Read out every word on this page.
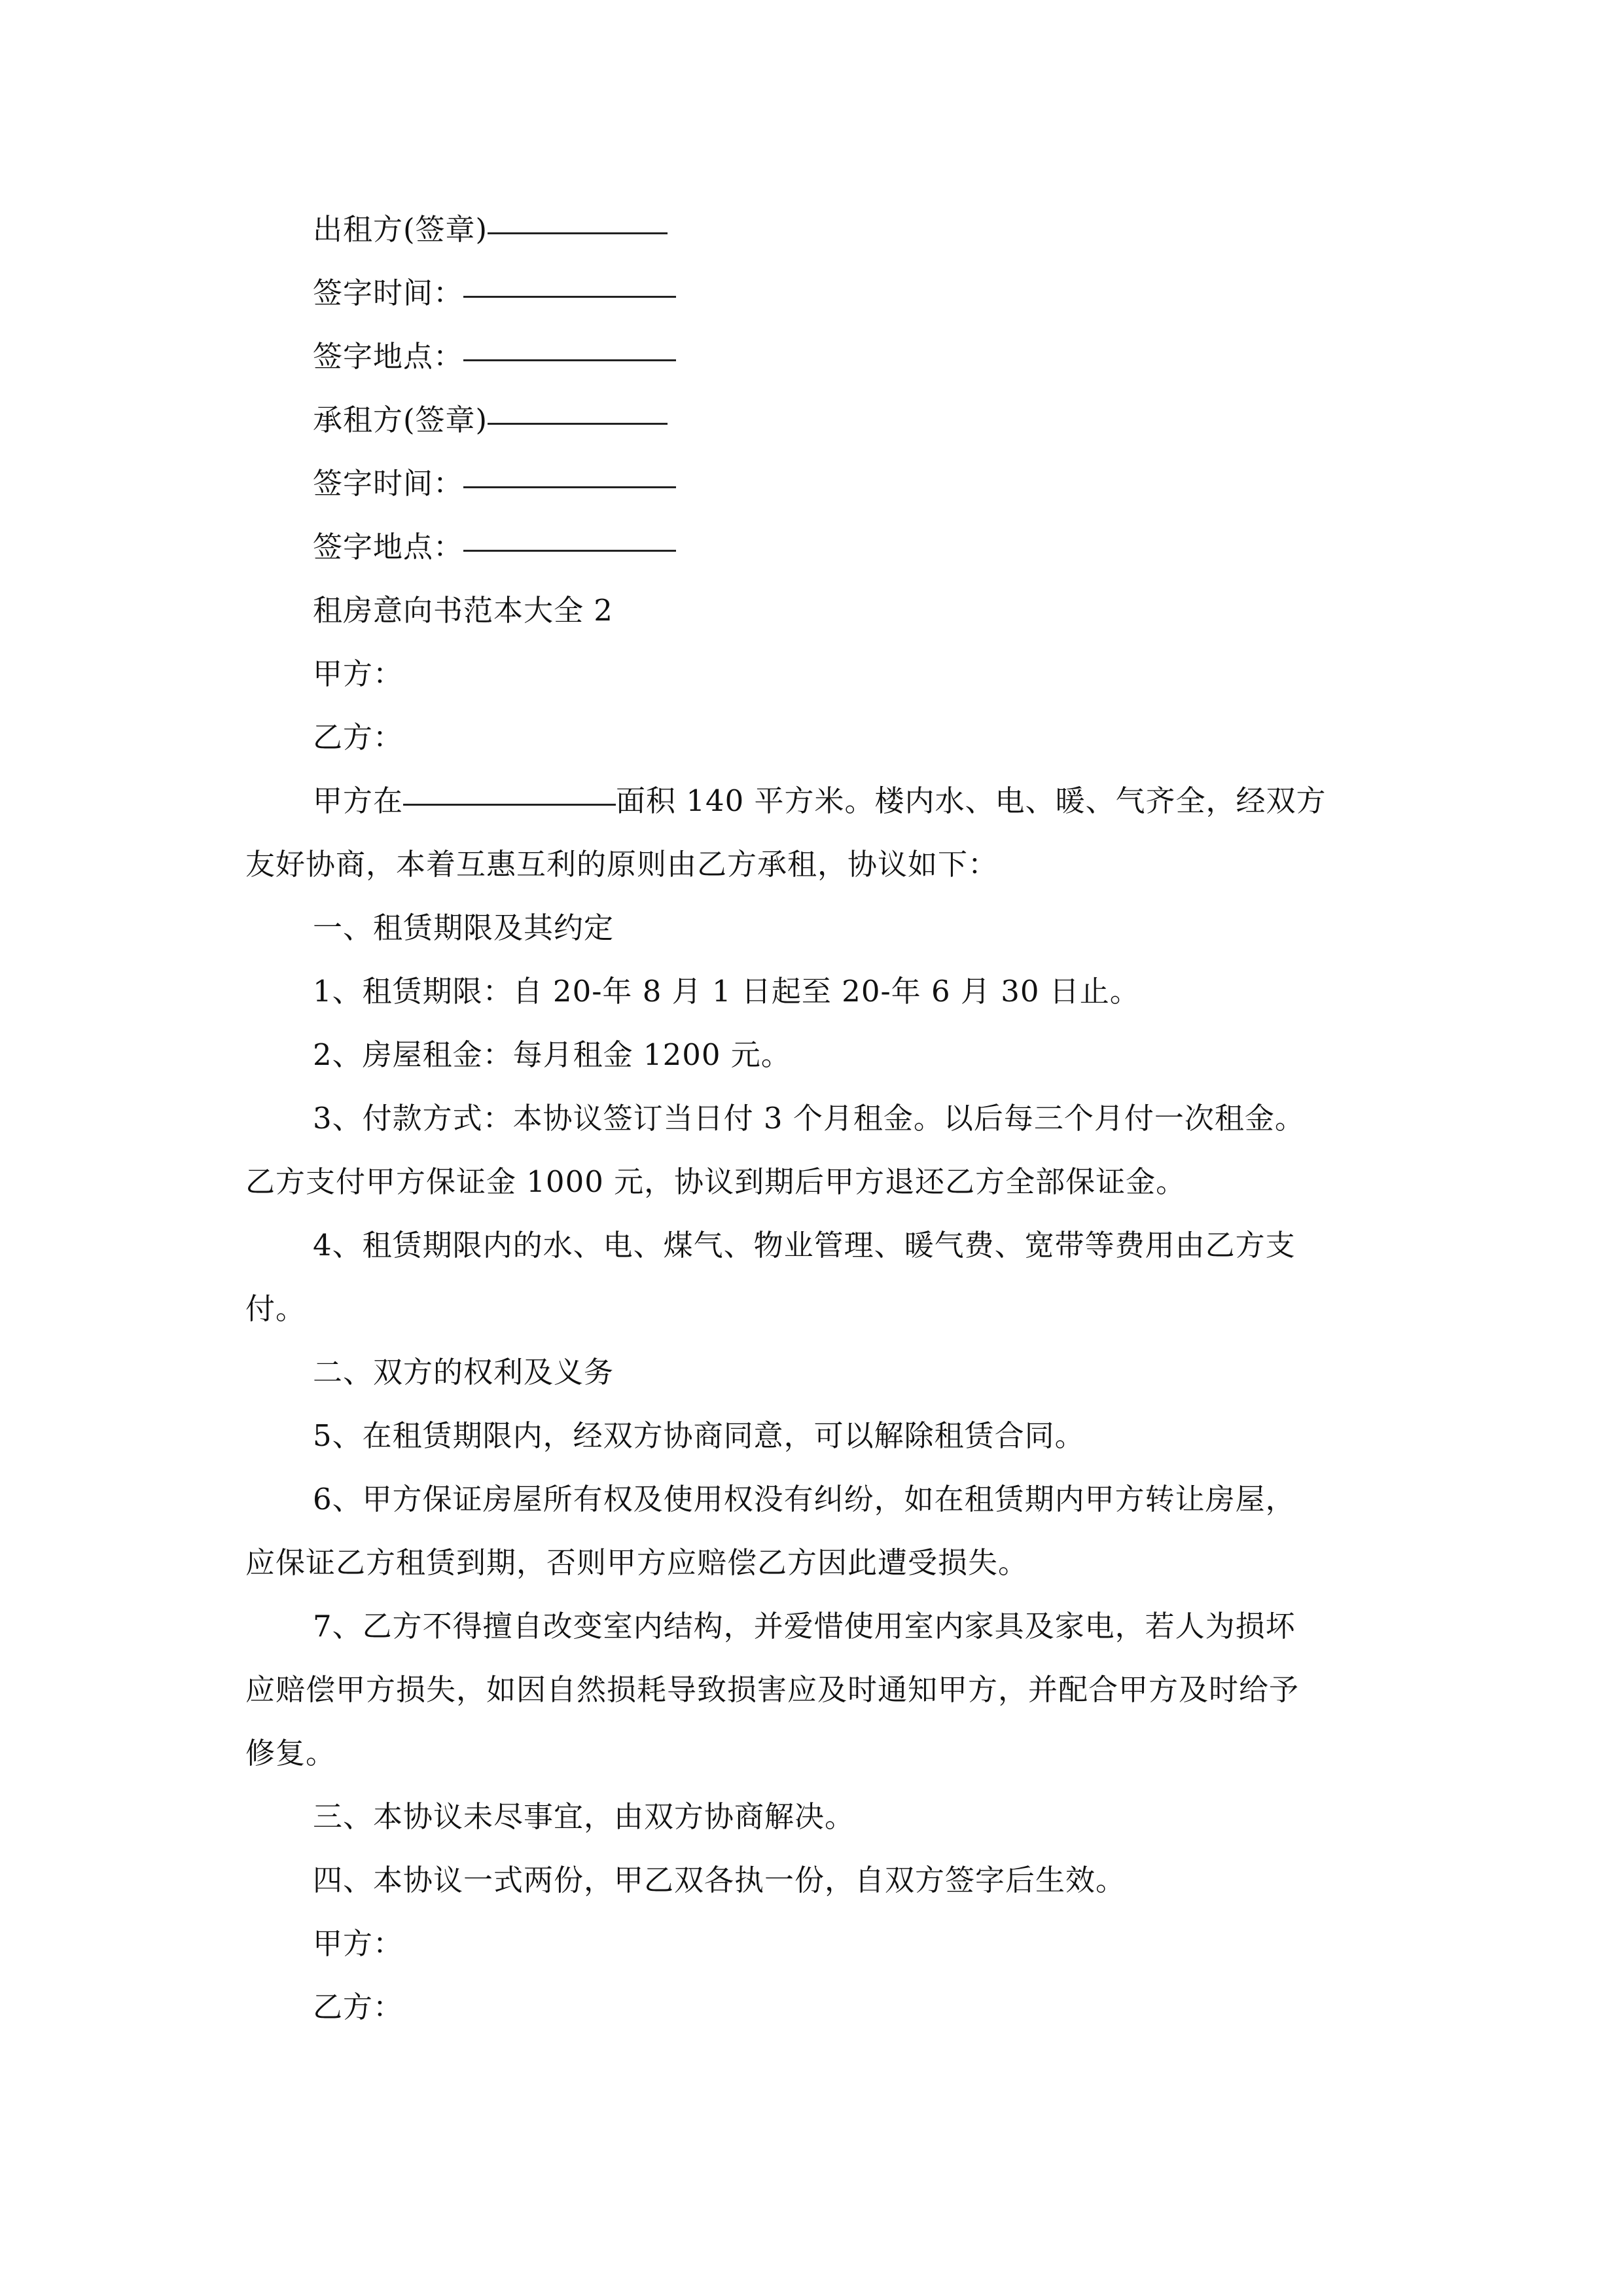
出租方(签章)
签字时间：
签字地点：
承租方(签章)
签字时间：
签字地点：
租房意向书范本大全 2
甲方：
乙方：
甲方在	面积 140 平方米。楼内水、电、暖、气齐全，经双方
友好协商，本着互惠互利的原则由乙方承租，协议如下：
一、租赁期限及其约定
1、租赁期限：自 20-年 8 月 1 日起至 20-年 6 月 30 日止。
2、房屋租金：每月租金 1200 元。
3、付款方式：本协议签订当日付 3 个月租金。以后每三个月付一次租金。
乙方支付甲方保证金 1000 元，协议到期后甲方退还乙方全部保证金。
4、租赁期限内的水、电、煤气、物业管理、暖气费、宽带等费用由乙方支
付。
二、双方的权利及义务
5、在租赁期限内，经双方协商同意，可以解除租赁合同。
6、甲方保证房屋所有权及使用权没有纠纷，如在租赁期内甲方转让房屋，
应保证乙方租赁到期，否则甲方应赔偿乙方因此遭受损失。
7、乙方不得擅自改变室内结构，并爱惜使用室内家具及家电，若人为损坏
应赔偿甲方损失，如因自然损耗导致损害应及时通知甲方，并配合甲方及时给予
修复。
三、本协议未尽事宜，由双方协商解决。
四、本协议一式两份，甲乙双各执一份，自双方签字后生效。
甲方：
乙方：
